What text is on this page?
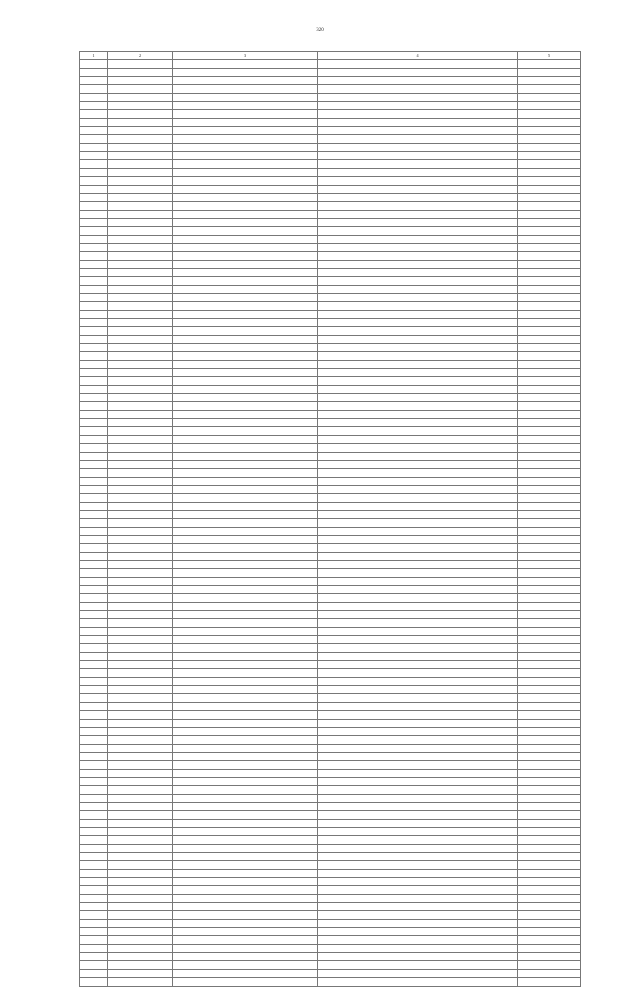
320
1	2	3	4	5
